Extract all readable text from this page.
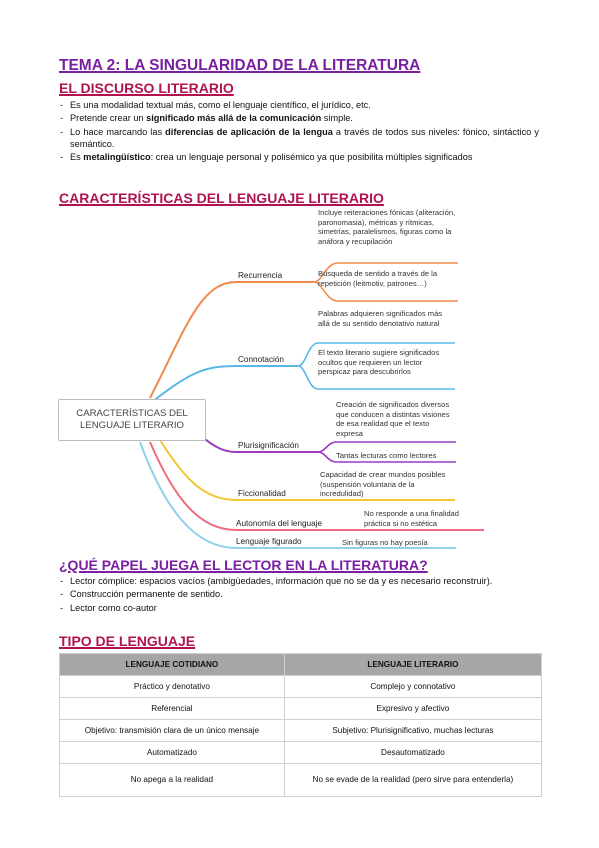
TEMA 2: LA SINGULARIDAD DE LA LITERATURA
EL DISCURSO LITERARIO
- Es una modalidad textual más, como el lenguaje científico, el jurídico, etc.
- Pretende crear un significado más allá de la comunicación simple.
- Lo hace marcando las diferencias de aplicación de la lengua a través de todos sus niveles: fónico, sintáctico y semántico.
- Es metalingüístico: crea un lenguaje personal y polisémico ya que posibilita múltiples significados
CARACTERÍSTICAS DEL LENGUAJE LITERARIO
CARACTERÍSTICAS DEL LENGUAJE LITERARIO
Recurrencia
Incluye reiteraciones fónicas (aliteración, paronomasia), métricas y rítmicas, simetrías, paralelismos, figuras como la anáfora y recupilación
Búsqueda de sentido a través de la repetición (leitmotiv, patrones…)
Connotación
Palabras adquieren significados más allá de su sentido denotativo natural
El texto literario sugiere significados ocultos que requieren un lector perspicaz para descubrirlos
Plurisignificación
Creación de significados diversos que conducen a distintas visiones de esa realidad que el texto expresa
Tantas lecturas como lectores
Ficcionalidad
Capacidad de crear mundos posibles (suspensión voluntaria de la incredulidad)
Autonomía del lenguaje
No responde a una finalidad práctica si no estética
Lenguaje figurado	Sin figuras no hay poesía
¿QUÉ PAPEL JUEGA EL LECTOR EN LA LITERATURA?
- Lector cómplice: espacios vacíos (ambigüedades, información que no se da y es necesario reconstruir).
- Construcción permanente de sentido.
- Lector como co-autor
TIPO DE LENGUAJE
LENGUAJE COTIDIANO	LENGUAJE LITERARIO
Práctico y denotativo	Complejo y connotativo
Referencial	Expresivo y afectivo
Objetivo: transmisión clara de un único mensaje	Subjetivo: Plurisignificativo, muchas lecturas
Automatizado	Desautomatizado
No apega a la realidad	No se evade de la realidad (pero sirve para entenderla)
